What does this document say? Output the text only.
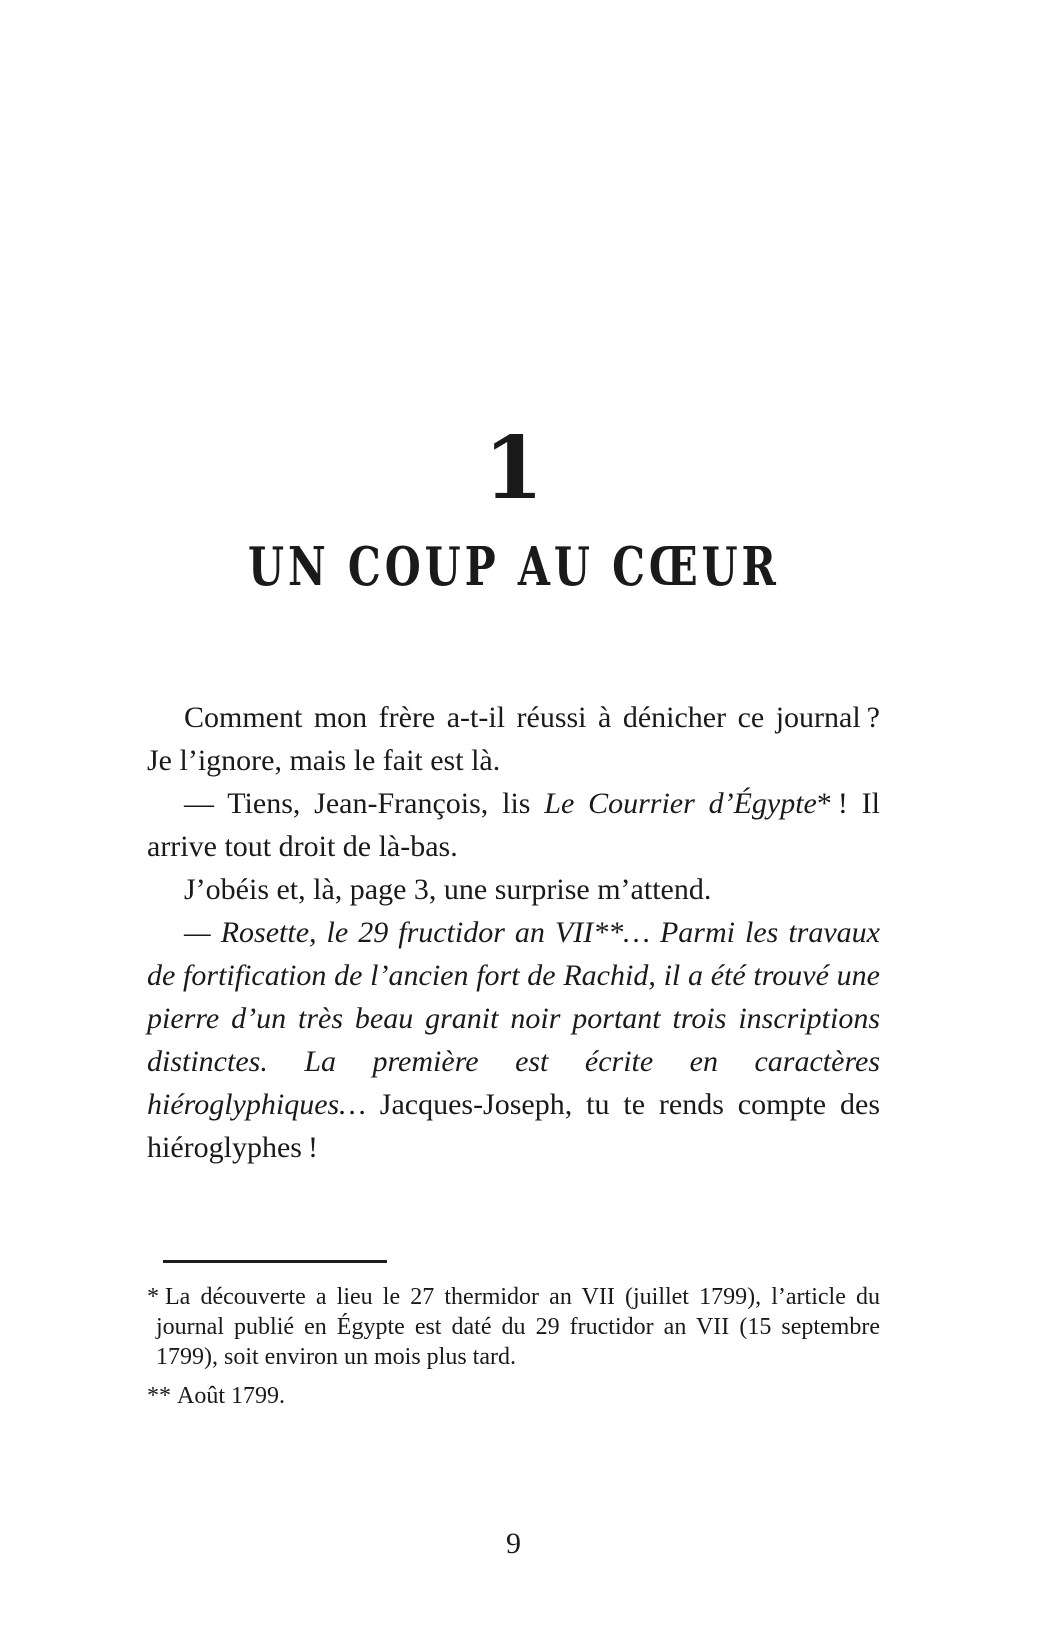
1
UN COUP AU CŒUR

Comment mon frère a-t-il réussi à dénicher ce journal ? Je l’ignore, mais le fait est là.

— Tiens, Jean-François, lis Le Courrier d’Égypte* ! Il arrive tout droit de là-bas.

J’obéis et, là, page 3, une surprise m’attend.

— Rosette, le 29 fructidor an VII**… Parmi les travaux de fortification de l’ancien fort de Rachid, il a été trouvé une pierre d’un très beau granit noir portant trois inscriptions distinctes. La première est écrite en caractères hiéroglyphiques… Jacques-Joseph, tu te rends compte des hiéroglyphes !

* La découverte a lieu le 27 thermidor an VII (juillet 1799), l’article du journal publié en Égypte est daté du 29 fructidor an VII (15 septembre 1799), soit environ un mois plus tard.

** Août 1799.

9
